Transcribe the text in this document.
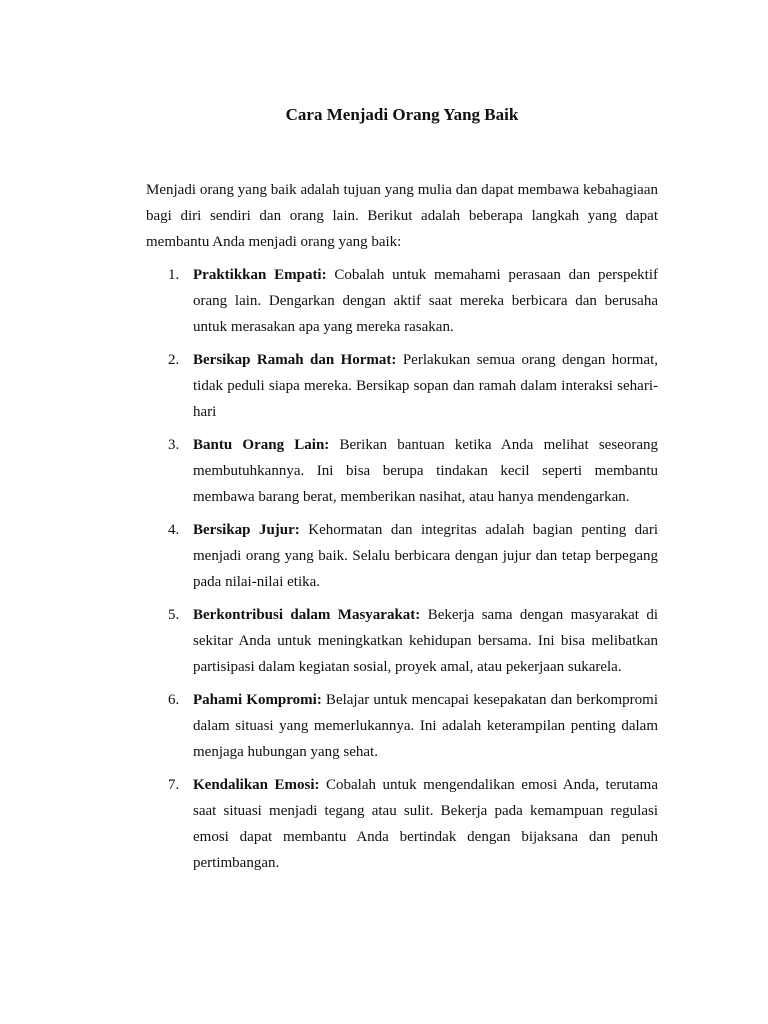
Cara Menjadi Orang Yang Baik

Menjadi orang yang baik adalah tujuan yang mulia dan dapat membawa kebahagiaan bagi diri sendiri dan orang lain. Berikut adalah beberapa langkah yang dapat membantu Anda menjadi orang yang baik:

1. Praktikkan Empati: Cobalah untuk memahami perasaan dan perspektif orang lain. Dengarkan dengan aktif saat mereka berbicara dan berusaha untuk merasakan apa yang mereka rasakan.
2. Bersikap Ramah dan Hormat: Perlakukan semua orang dengan hormat, tidak peduli siapa mereka. Bersikap sopan dan ramah dalam interaksi sehari-hari
3. Bantu Orang Lain: Berikan bantuan ketika Anda melihat seseorang membutuhkannya. Ini bisa berupa tindakan kecil seperti membantu membawa barang berat, memberikan nasihat, atau hanya mendengarkan.
4. Bersikap Jujur: Kehormatan dan integritas adalah bagian penting dari menjadi orang yang baik. Selalu berbicara dengan jujur dan tetap berpegang pada nilai-nilai etika.
5. Berkontribusi dalam Masyarakat: Bekerja sama dengan masyarakat di sekitar Anda untuk meningkatkan kehidupan bersama. Ini bisa melibatkan partisipasi dalam kegiatan sosial, proyek amal, atau pekerjaan sukarela.
6. Pahami Kompromi: Belajar untuk mencapai kesepakatan dan berkompromi dalam situasi yang memerlukannya. Ini adalah keterampilan penting dalam menjaga hubungan yang sehat.
7. Kendalikan Emosi: Cobalah untuk mengendalikan emosi Anda, terutama saat situasi menjadi tegang atau sulit. Bekerja pada kemampuan regulasi emosi dapat membantu Anda bertindak dengan bijaksana dan penuh pertimbangan.
